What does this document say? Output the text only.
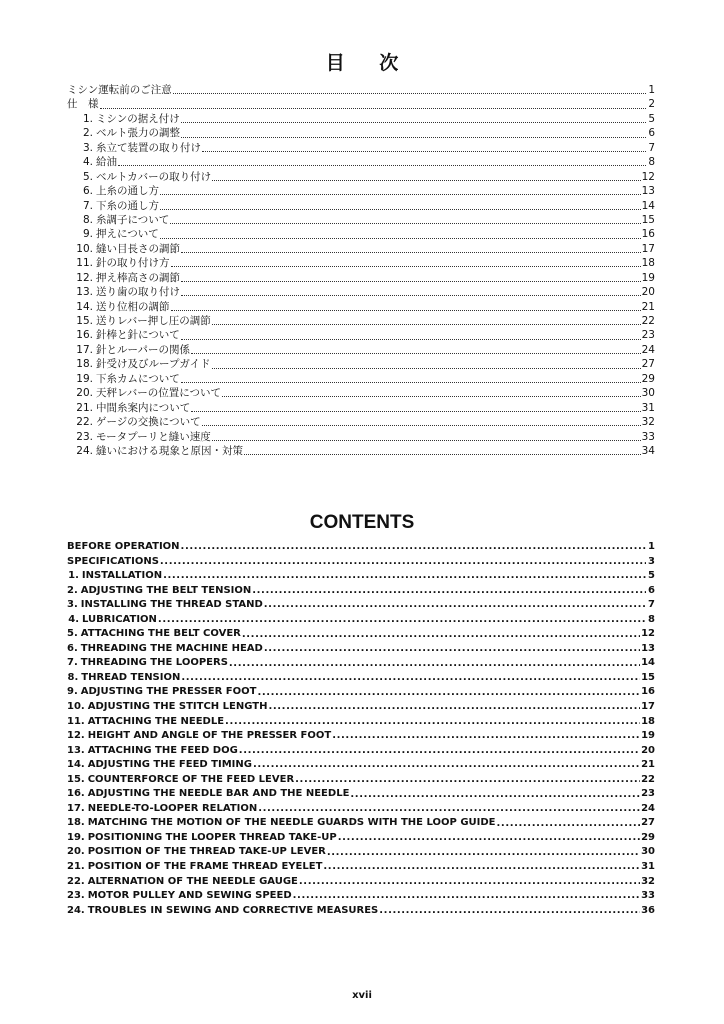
目 次
ミシン運転前のご注意	1
仕　様	2
1. ミシンの据え付け	5
2. ベルト張力の調整	6
3. 糸立て装置の取り付け	7
4. 給油	8
5. ベルトカバーの取り付け	12
6. 上糸の通し方	13
7. 下糸の通し方	14
8. 糸調子について	15
9. 押えについて	16
10. 縫い目長さの調節	17
11. 針の取り付け方	18
12. 押え棒高さの調節	19
13. 送り歯の取り付け	20
14. 送り位相の調節	21
15. 送りレバー押し圧の調節	22
16. 針棒と針について	23
17. 針とルーパーの関係	24
18. 針受け及びループガイド	27
19. 下糸カムについて	29
20. 天秤レバーの位置について	30
21. 中間糸案内について	31
22. ゲージの交換について	32
23. モータプーリと縫い速度	33
24. 縫いにおける現象と原因・対策	34
CONTENTS
BEFORE OPERATION .....	1
SPECIFICATIONS .....	3
1. INSTALLATION .....	5
2. ADJUSTING THE BELT TENSION .....	6
3. INSTALLING THE THREAD STAND .....	7
4. LUBRICATION .....	8
5. ATTACHING THE BELT COVER .....	12
6. THREADING THE MACHINE HEAD .....	13
7. THREADING THE LOOPERS .....	14
8. THREAD TENSION .....	15
9. ADJUSTING THE PRESSER FOOT .....	16
10. ADJUSTING THE STITCH LENGTH .....	17
11. ATTACHING THE NEEDLE .....	18
12. HEIGHT AND ANGLE OF THE PRESSER FOOT .....	19
13. ATTACHING THE FEED DOG .....	20
14. ADJUSTING THE FEED TIMING .....	21
15. COUNTERFORCE OF THE FEED LEVER .....	22
16. ADJUSTING THE NEEDLE BAR AND THE NEEDLE .....	23
17. NEEDLE-TO-LOOPER RELATION .....	24
18. MATCHING THE MOTION OF THE NEEDLE GUARDS WITH THE LOOP GUIDE .....	27
19. POSITIONING THE LOOPER THREAD TAKE-UP .....	29
20. POSITION OF THE THREAD TAKE-UP LEVER .....	30
21. POSITION OF THE FRAME THREAD EYELET .....	31
22. ALTERNATION OF THE NEEDLE GAUGE .....	32
23. MOTOR PULLEY AND SEWING SPEED .....	33
24. TROUBLES IN SEWING AND CORRECTIVE MEASURES .....	36
xvii
